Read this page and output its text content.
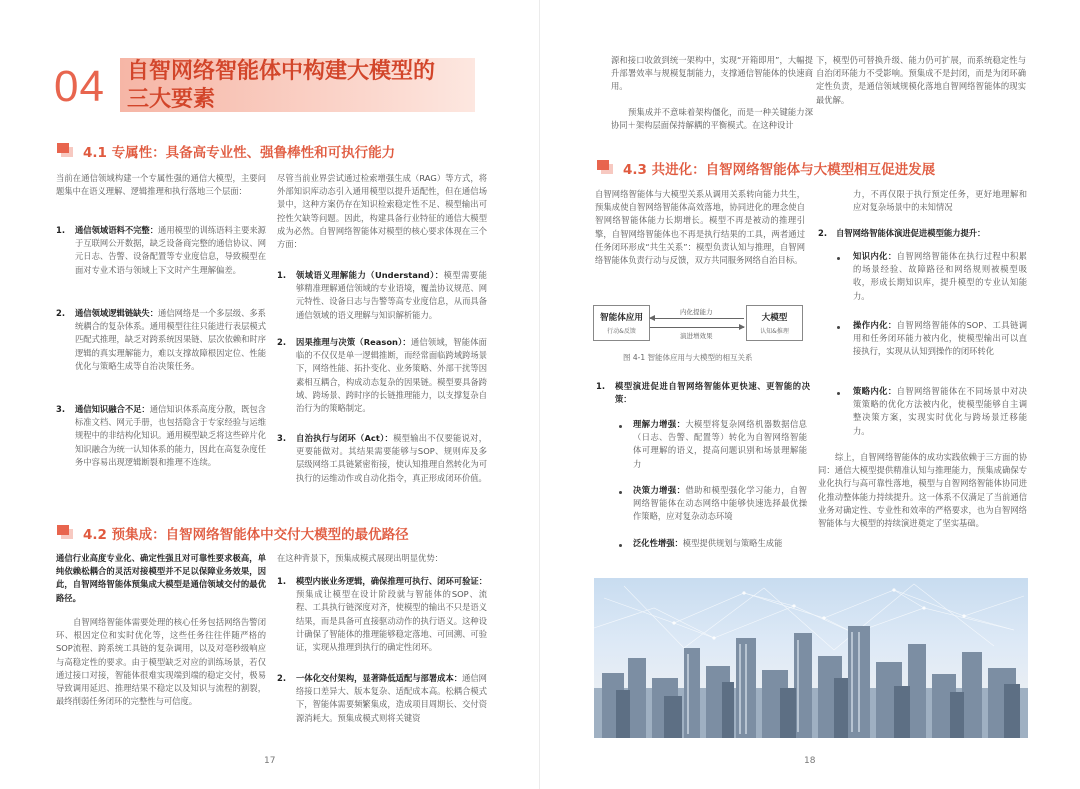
04 自智网络智能体中构建大模型的
三大要素
4.1 专属性：具备高专业性、强鲁棒性和可执行能力
当前在通信领域构建一个专属性强的通信大模型，主要问题集中在语义理解、逻辑推理和执行落地三个层面：
1. 通信领域语料不完整：通用模型的训练语料主要来源于互联网公开数据，缺乏设备商完整的通信协议、网元日志、告警、设备配置等专业度信息，导致模型在面对专业术语与领域上下文时产生理解偏差。
2. 通信领域逻辑链缺失：通信网络是一个多层级、多系统耦合的复杂体系。通用模型往往只能进行表层模式匹配式推理，缺乏对跨系统因果链、层次依赖和时序逻辑的真实理解能力，难以支撑故障根因定位、性能优化与策略生成等自治决策任务。
3. 通信知识融合不足：通信知识体系高度分散，既包含标准文档、网元手册，也包括隐含于专家经验与运维规程中的非结构化知识。通用模型缺乏将这些碎片化知识融合为统一认知体系的能力，因此在高复杂度任务中容易出现逻辑断裂和推理不连续。
尽管当前业界尝试通过检索增强生成（RAG）等方式，将外部知识库动态引入通用模型以提升适配性，但在通信场景中，这种方案仍存在知识检索稳定性不足、模型输出可控性欠缺等问题。因此，构建具备行业特征的通信大模型成为必然。自智网络智能体对模型的核心要求体现在三个方面：
1. 领域语义理解能力（Understand）：模型需要能够精准理解通信领域的专业语境，覆盖协议规范、网元特性、设备日志与告警等高专业度信息，从而具备通信领域的语义理解与知识解析能力。
2. 因果推理与决策（Reason）：通信领域，智能体面临的不仅仅是单一逻辑推断，而经常面临跨域跨场景下，网络性能、拓扑变化、业务策略、外部干扰等因素相互耦合，构成动态复杂的因果链。模型要具备跨域、跨场景、跨时序的长链推理能力，以支撑复杂自治行为的策略制定。
3. 自治执行与闭环（Act）：模型输出不仅要能说对，更要能做对。其结果需要能够与SOP、规则库及多层级网络工具链紧密衔接，使认知推理自然转化为可执行的运维动作或自动化指令，真正形成闭环价值。
4.2 预集成：自智网络智能体中交付大模型的最优路径
通信行业高度专业化、确定性强且对可靠性要求极高，单纯依赖松耦合的灵活对接模型并不足以保障业务效果，因此，自智网络智能体预集成大模型是通信领域交付的最优路径。
自智网络智能体需要处理的核心任务包括网络告警闭环、根因定位和实时优化等，这些任务往往伴随严格的SOP流程、跨系统工具链的复杂调用，以及对毫秒级响应与高稳定性的要求。由于模型缺乏对应的训练场景，若仅通过接口对接，智能体很难实现端到端的稳定交付，极易导致调用延迟、推理结果不稳定以及知识与流程的割裂，最终削弱任务闭环的完整性与可信度。
在这种背景下，预集成模式展现出明显优势：
1. 模型内嵌业务逻辑，确保推理可执行、闭环可验证：预集成让模型在设计阶段就与智能体的SOP、流程、工具执行链深度对齐，使模型的输出不只是语义结果，而是具备可直接驱动动作的执行语义。这种设计确保了智能体的推理能够稳定落地、可回溯、可验证，实现从推理到执行的确定性闭环。
2. 一体化交付架构，显著降低适配与部署成本：通信网络接口差异大、版本复杂、适配成本高。松耦合模式下，智能体需要频繁集成，造成项目周期长、交付资源消耗大。预集成模式则将关键资
17
源和接口收敛到统一架构中，实现“开箱即用”，大幅提升部署效率与规模复制能力，支撑通信智能体的快速商用。
预集成并不意味着架构僵化，而是一种关键能力深协同＋架构层面保持解耦的平衡模式。在这种设计
下，模型仍可替换升级、能力仍可扩展，而系统稳定性与自治闭环能力不受影响。预集成不是封闭，而是为闭环确定性负责，是通信领域规模化落地自智网络智能体的现实最优解。
4.3 共进化：自智网络智能体与大模型相互促进发展
自智网络智能体与大模型关系从调用关系转向能力共生，预集成使自智网络智能体高效落地，协同进化的理念使自智网络智能体能力长期增长。模型不再是被动的推理引擎，自智网络智能体也不再是执行结果的工具，两者通过任务闭环形成“共生关系”：模型负责认知与推理，自智网络智能体负责行动与反馈，双方共同服务网络自治目标。
智能体应用
行动&反馈
大模型
认知&推理
内化提能力
演进增效果
图 4-1 智能体应用与大模型的相互关系
1. 模型演进促进自智网络智能体更快速、更智能的决策：
理解力增强：大模型将复杂网络机器数据信息（日志、告警、配置等）转化为自智网络智能体可理解的语义，提高问题识别和场景理解能力
决策力增强：借助和模型强化学习能力，自智网络智能体在动态网络中能够快速选择最优操作策略，应对复杂动态环境
泛化性增强：模型提供规划与策略生成能
力，不再仅限于执行预定任务，更好地理解和应对复杂场景中的未知情况
2. 自智网络智能体演进促进模型能力提升：
知识内化：自智网络智能体在执行过程中积累的场景经验、故障路径和网络规则被模型吸收，形成长期知识库，提升模型的专业认知能力。
操作内化：自智网络智能体的SOP、工具链调用和任务闭环能力被内化，使模型输出可以直接执行，实现从认知到操作的闭环转化
策略内化：自智网络智能体在不同场景中对决策策略的优化方法被内化，使模型能够自主调整决策方案，实现实时优化与跨场景迁移能力。
综上，自智网络智能体的成功实践依赖于三方面的协同：通信大模型提供精准认知与推理能力，预集成确保专业化执行与高可靠性落地，模型与自智网络智能体协同进化推动整体能力持续提升。这一体系不仅满足了当前通信业务对确定性、专业性和效率的严格要求，也为自智网络智能体与大模型的持续演进奠定了坚实基础。
18
